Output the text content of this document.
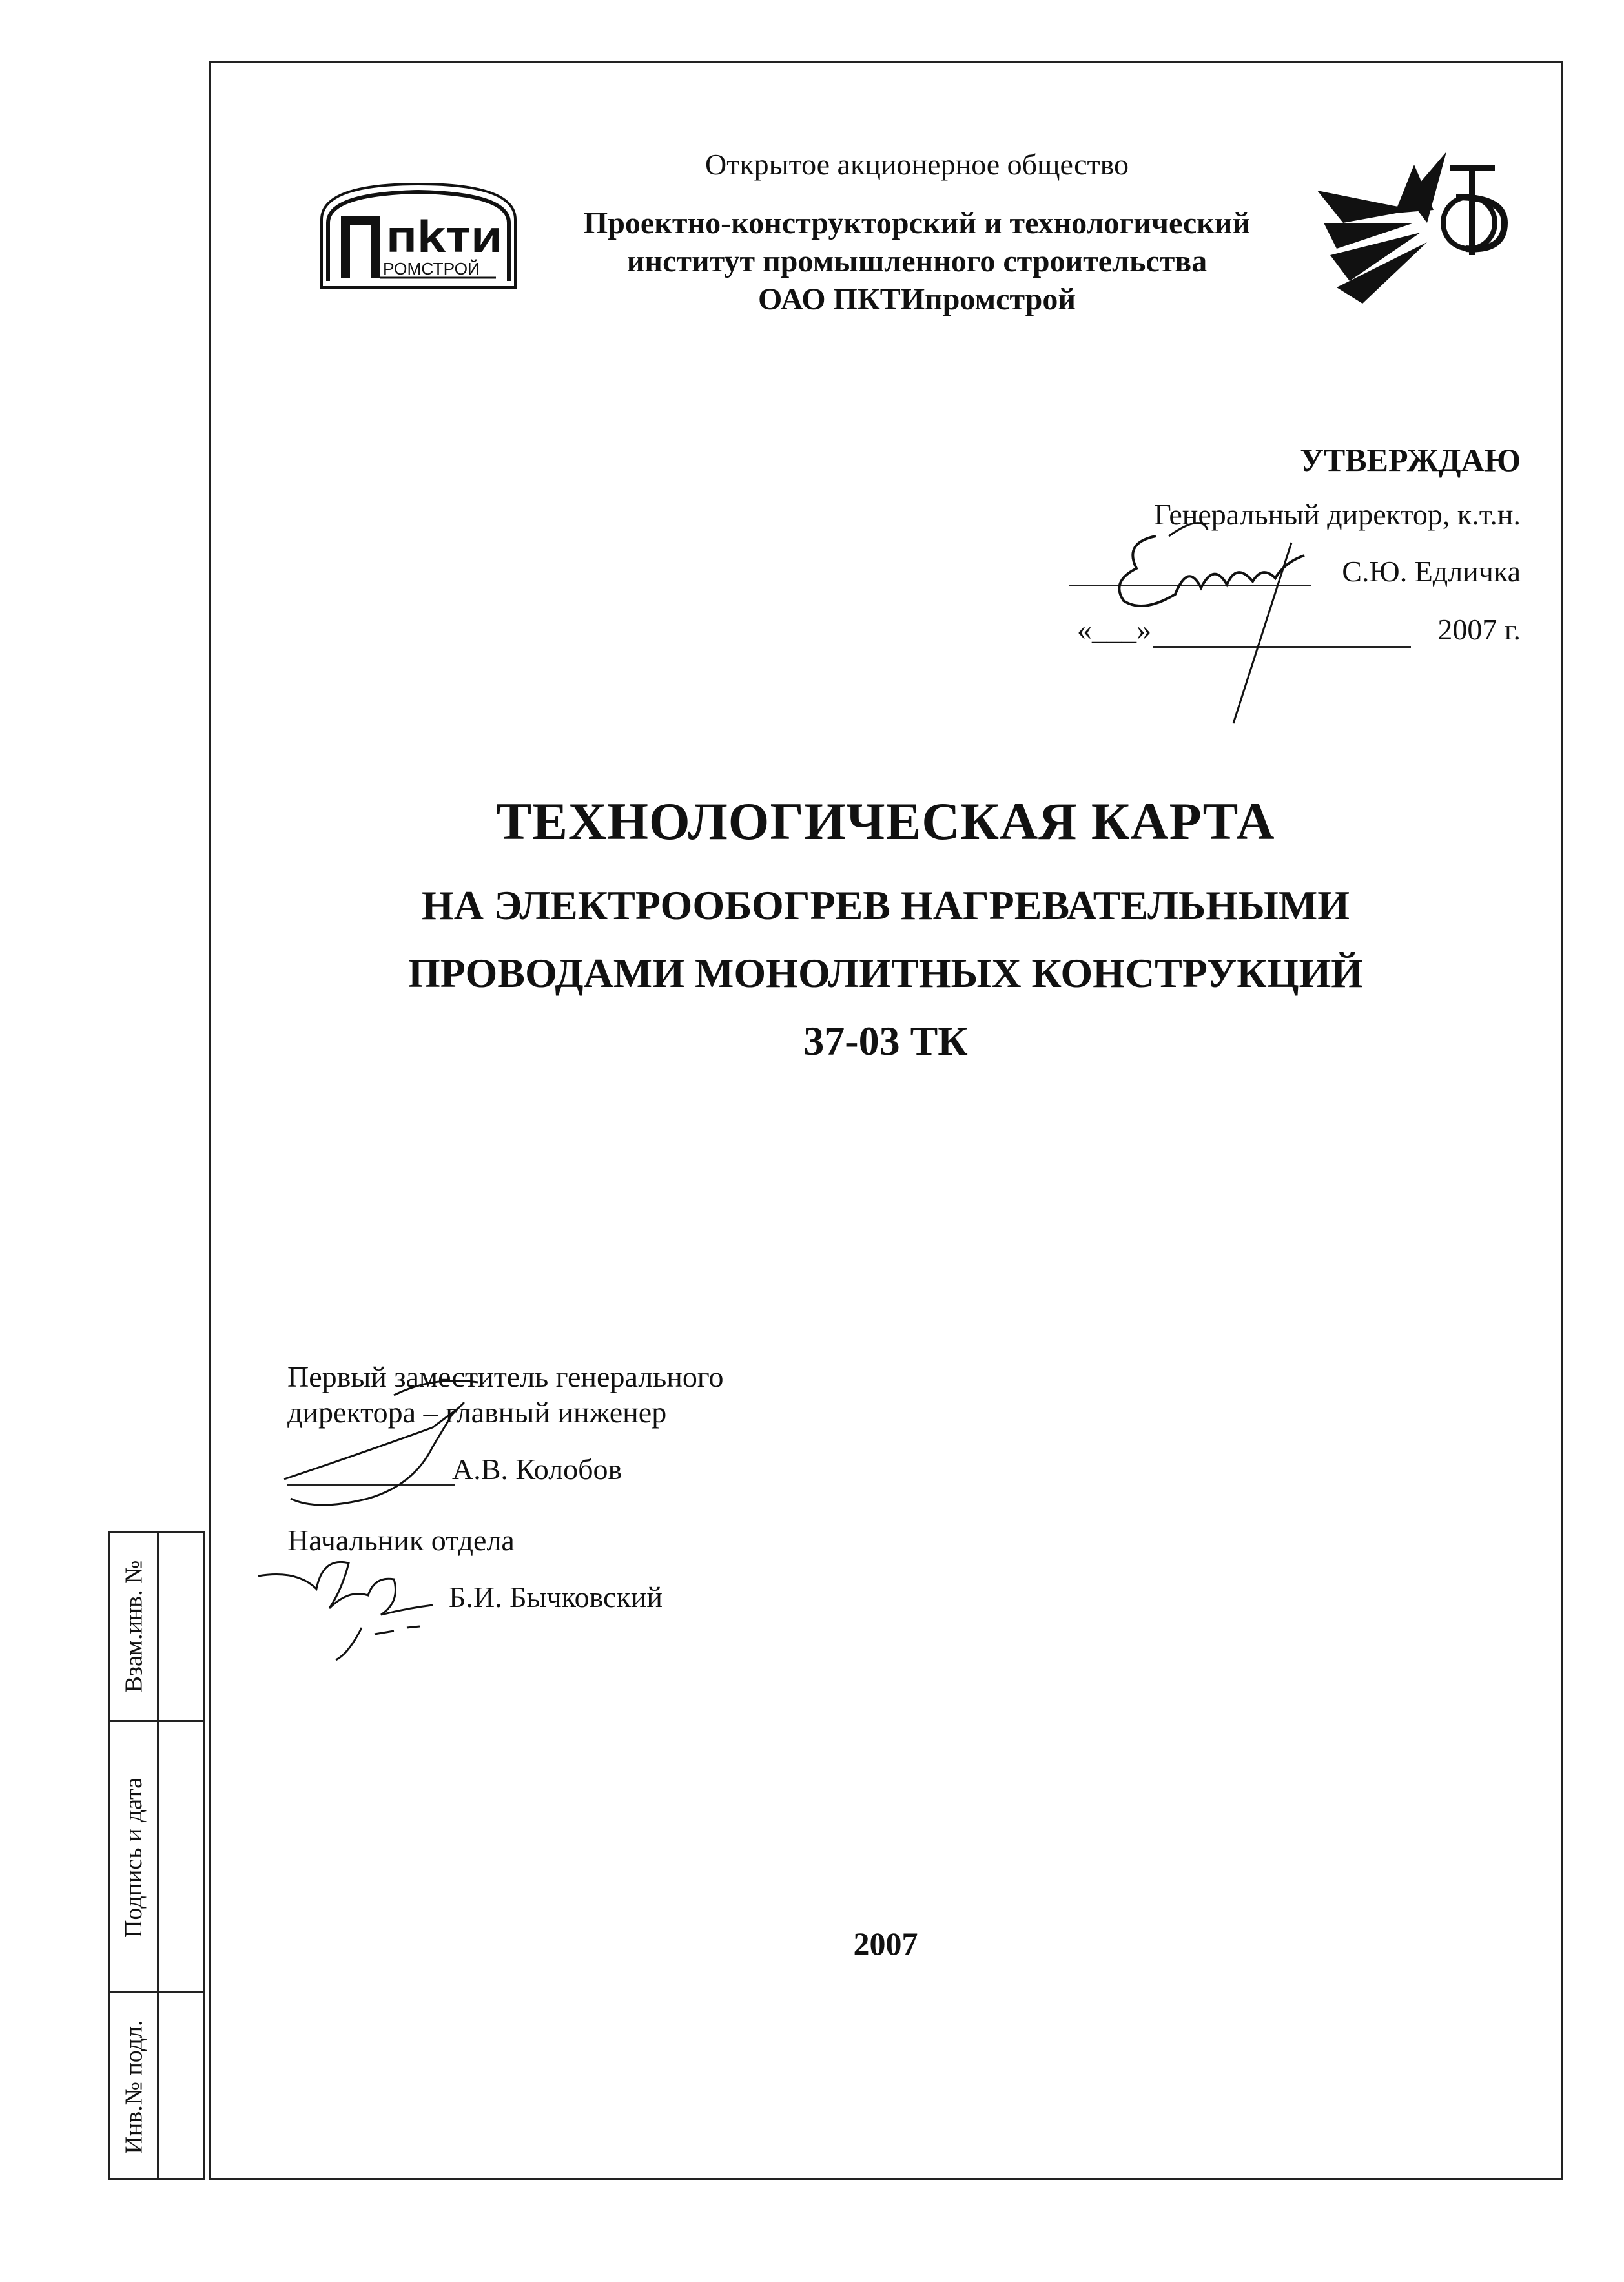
пkти
РОМСТРОЙ
Открытое акционерное общество
Проектно-конструкторский и технологический
институт промышленного строительства
ОАО ПКТИпромстрой
УТВЕРЖДАЮ
Генеральный директор, к.т.н.
С.Ю. Едличка
«___»	2007 г.
ТЕХНОЛОГИЧЕСКАЯ КАРТА
НА ЭЛЕКТРООБОГРЕВ НАГРЕВАТЕЛЬНЫМИ
ПРОВОДАМИ МОНОЛИТНЫХ КОНСТРУКЦИЙ
37-03 ТК
Первый заместитель генерального
директора – главный инженер
А.В. Колобов
Начальник отдела
Б.И. Бычковский
2007
Взам.инв. №
Подпись и дата
Инв.№ подл.
